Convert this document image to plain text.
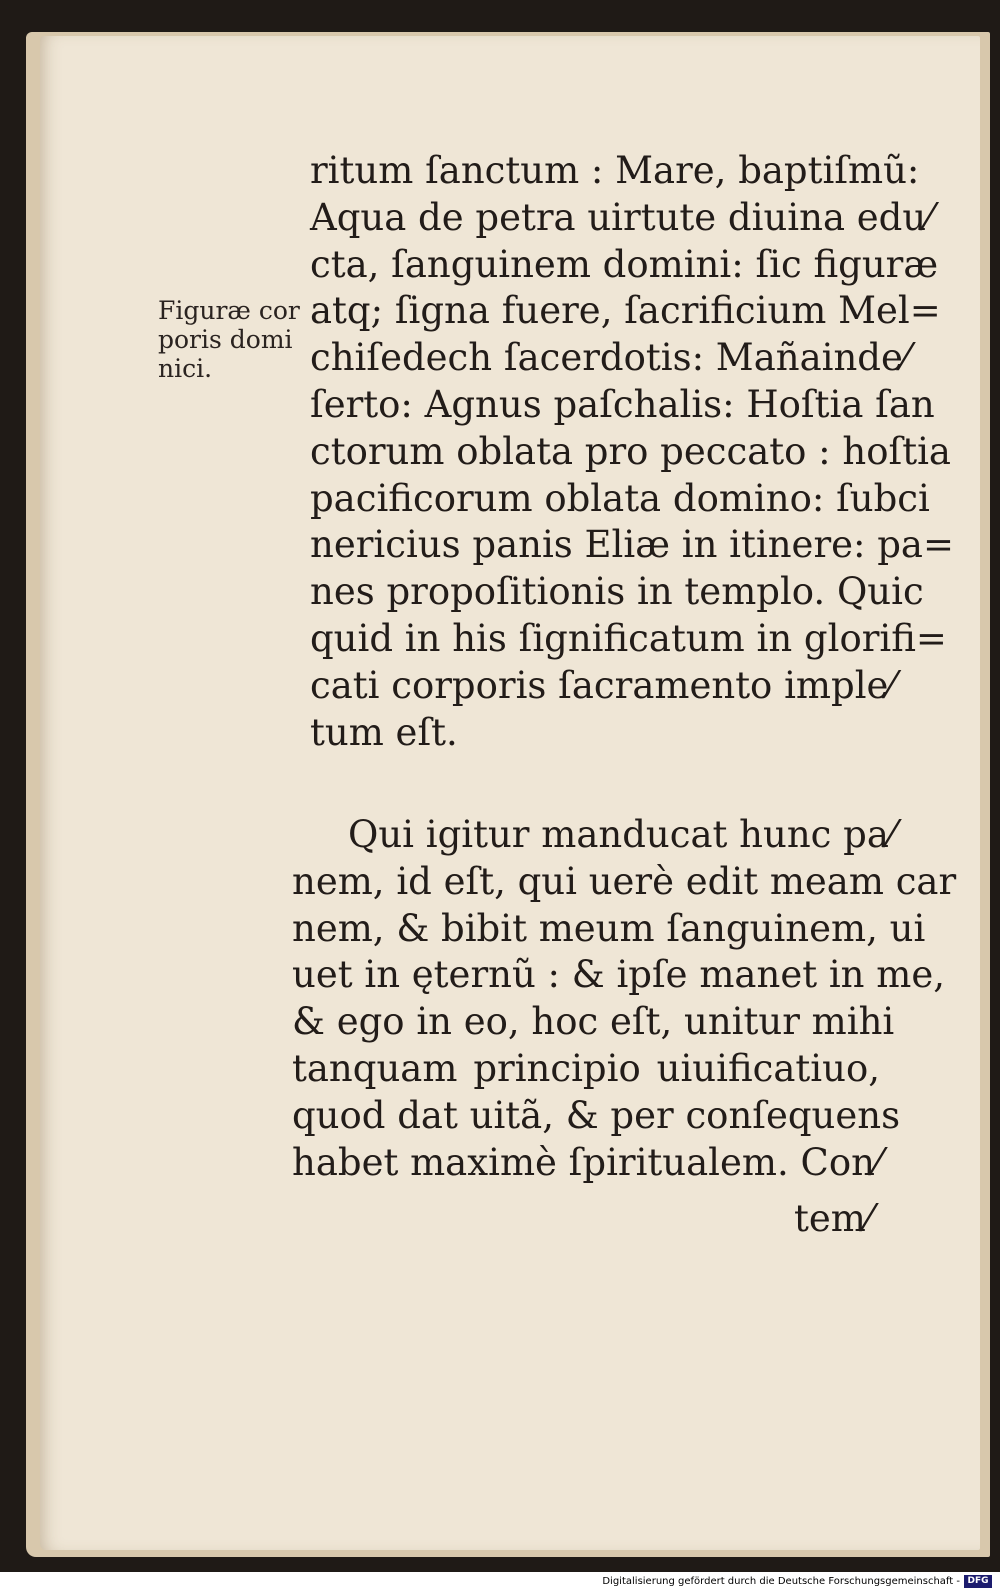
Figuræ cor
poris domi
nici.
ritum ſanctum : Mare, baptiſmũ:
Aqua de petra uirtute diuina edu⁄
cta, ſanguinem domini: ſic figuræ
atq; ſigna fuere, ſacrificium Mel=
chiſedech ſacerdotis: Mañainde⁄
ſerto: Agnus paſchalis: Hoſtia ſan
ctorum oblata pro peccato : hoſtia
pacificorum oblata domino: ſubci
nericius panis Eliæ in itinere: pa=
nes propoſitionis in templo. Quic
quid in his ſignificatum in glorifi=
cati corporis ſacramento imple⁄
tum eſt.
Qui igitur manducat hunc pa⁄
nem, id eſt, qui uerè edit meam car
nem, & bibit meum ſanguinem, ui
uet in ęternũ : & ipſe manet in me,
& ego in eo, hoc eſt, unitur mihi
tanquam principio uiuificatiuo,
quod dat uitã, & per conſequens
habet maximè ſpiritualem. Con⁄
tem⁄
Digitalisierung gefördert durch die Deutsche Forschungsgemeinschaft - DFG
